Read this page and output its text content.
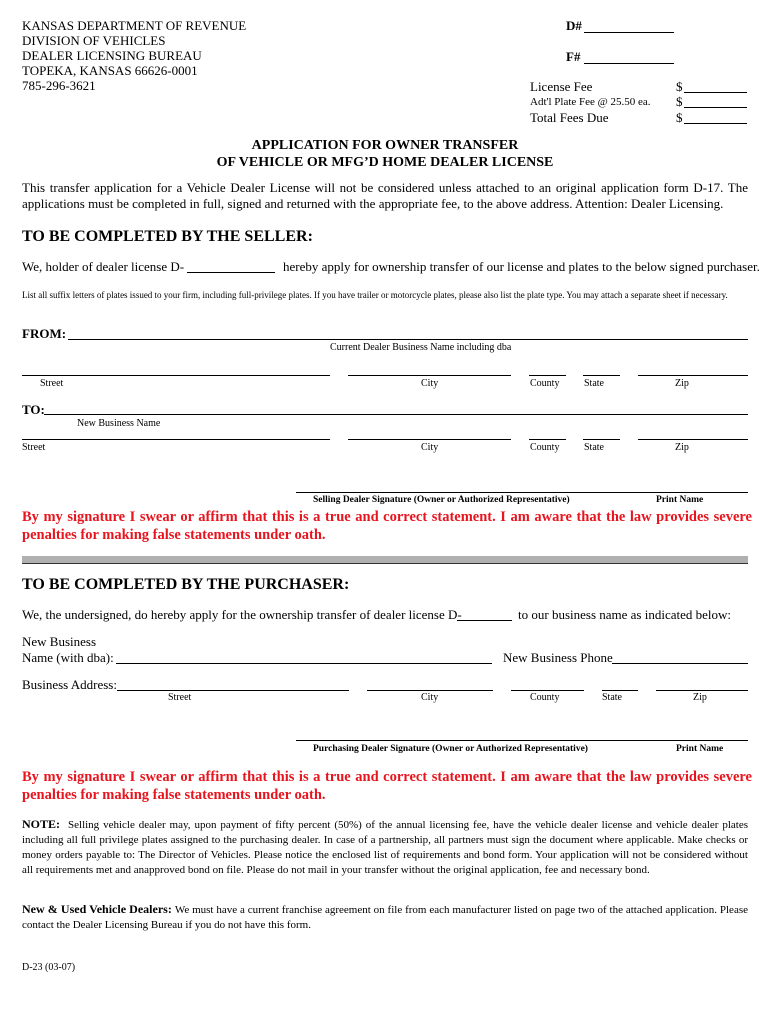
KANSAS DEPARTMENT OF REVENUE
DIVISION OF VEHICLES
DEALER LICENSING BUREAU
TOPEKA, KANSAS 66626-0001
785-296-3621
D#
F#
License Fee	$
Adt'l Plate Fee @ 25.50 ea. $
Total Fees Due	$
APPLICATION FOR OWNER TRANSFER
OF VEHICLE OR MFG’D HOME DEALER LICENSE
This transfer application for a Vehicle Dealer License will not be considered unless attached to an original application form D-17. The applications must be completed in full, signed and returned with the appropriate fee, to the above address. Attention: Dealer Licensing.
TO BE COMPLETED BY THE SELLER:
We, holder of dealer license D-	hereby apply for ownership transfer of our license and plates to the below signed purchaser.
List all suffix letters of plates issued to your firm, including full-privilege plates. If you have trailer or motorcycle plates, please also list the plate type. You may attach a separate sheet if necessary.
FROM:
Current Dealer Business Name including dba
Street	City	County State	Zip
TO:
New Business Name
Street	City	County State	Zip
Selling Dealer Signature (Owner or Authorized Representative)	Print Name
By my signature I swear or affirm that this is a true and correct statement. I am aware that the law provides severe penalties for making false statements under oath.
TO BE COMPLETED BY THE PURCHASER:
We, the undersigned, do hereby apply for the ownership transfer of dealer license D-	to our business name as indicated below:
New Business
Name (with dba):	New Business Phone
Business Address:
Street	City	County	State	Zip
Purchasing Dealer Signature (Owner or Authorized Representative)	Print Name
By my signature I swear or affirm that this is a true and correct statement. I am aware that the law provides severe penalties for making false statements under oath.
NOTE: Selling vehicle dealer may, upon payment of fifty percent (50%) of the annual licensing fee, have the vehicle dealer license and vehicle dealer plates including all full privilege plates assigned to the purchasing dealer. In case of a partnership, all partners must sign the document where applicable. Make checks or money orders payable to: The Director of Vehicles. Please notice the enclosed list of requirements and bond form. Your application will not be considered without all requirements met and anapproved bond on file. Please do not mail in your transfer without the original application, fee and necessary bond.
New & Used Vehicle Dealers: We must have a current franchise agreement on file from each manufacturer listed on page two of the attached application. Please contact the Dealer Licensing Bureau if you do not have this form.
D-23 (03-07)
